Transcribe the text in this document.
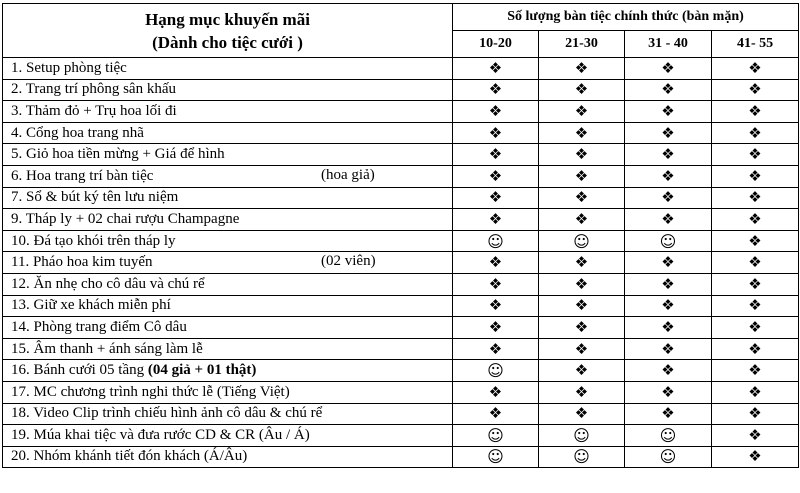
Hạng mục khuyến mãi
(Dành cho tiệc cưới )	Số lượng bàn tiệc chính thức (bàn mặn)			
	10-20	21-30	31 - 40	41- 55
1. Setup phòng tiệc	❖	❖	❖	❖
2. Trang trí phông sân khấu	❖	❖	❖	❖
3. Thảm đỏ + Trụ hoa lối đi	❖	❖	❖	❖
4. Cổng hoa trang nhã	❖	❖	❖	❖
5. Giỏ hoa tiền mừng + Giá để hình	❖	❖	❖	❖
6. Hoa trang trí bàn tiệc (hoa giả)	❖	❖	❖	❖
7. Sổ & bút ký tên lưu niệm	❖	❖	❖	❖
9. Tháp ly + 02 chai rượu Champagne	❖	❖	❖	❖
10. Đá tạo khói trên tháp ly	☺	☺	☺	❖
11. Pháo hoa kim tuyến (02 viên)	❖	❖	❖	❖
12. Ăn nhẹ cho cô dâu và chú rể	❖	❖	❖	❖
13. Giữ xe khách miễn phí	❖	❖	❖	❖
14. Phòng trang điểm Cô dâu	❖	❖	❖	❖
15. Âm thanh + ánh sáng làm lễ	❖	❖	❖	❖
16. Bánh cưới 05 tầng (04 giả + 01 thật)	☺	❖	❖	❖
17. MC chương trình nghi thức lễ (Tiếng Việt)	❖	❖	❖	❖
18. Video Clip trình chiếu hình ảnh cô dâu & chú rể	❖	❖	❖	❖
19. Múa khai tiệc và đưa rước CD & CR (Âu / Á)	☺	☺	☺	❖
20. Nhóm khánh tiết đón khách (Á/Âu)	☺	☺	☺	❖
